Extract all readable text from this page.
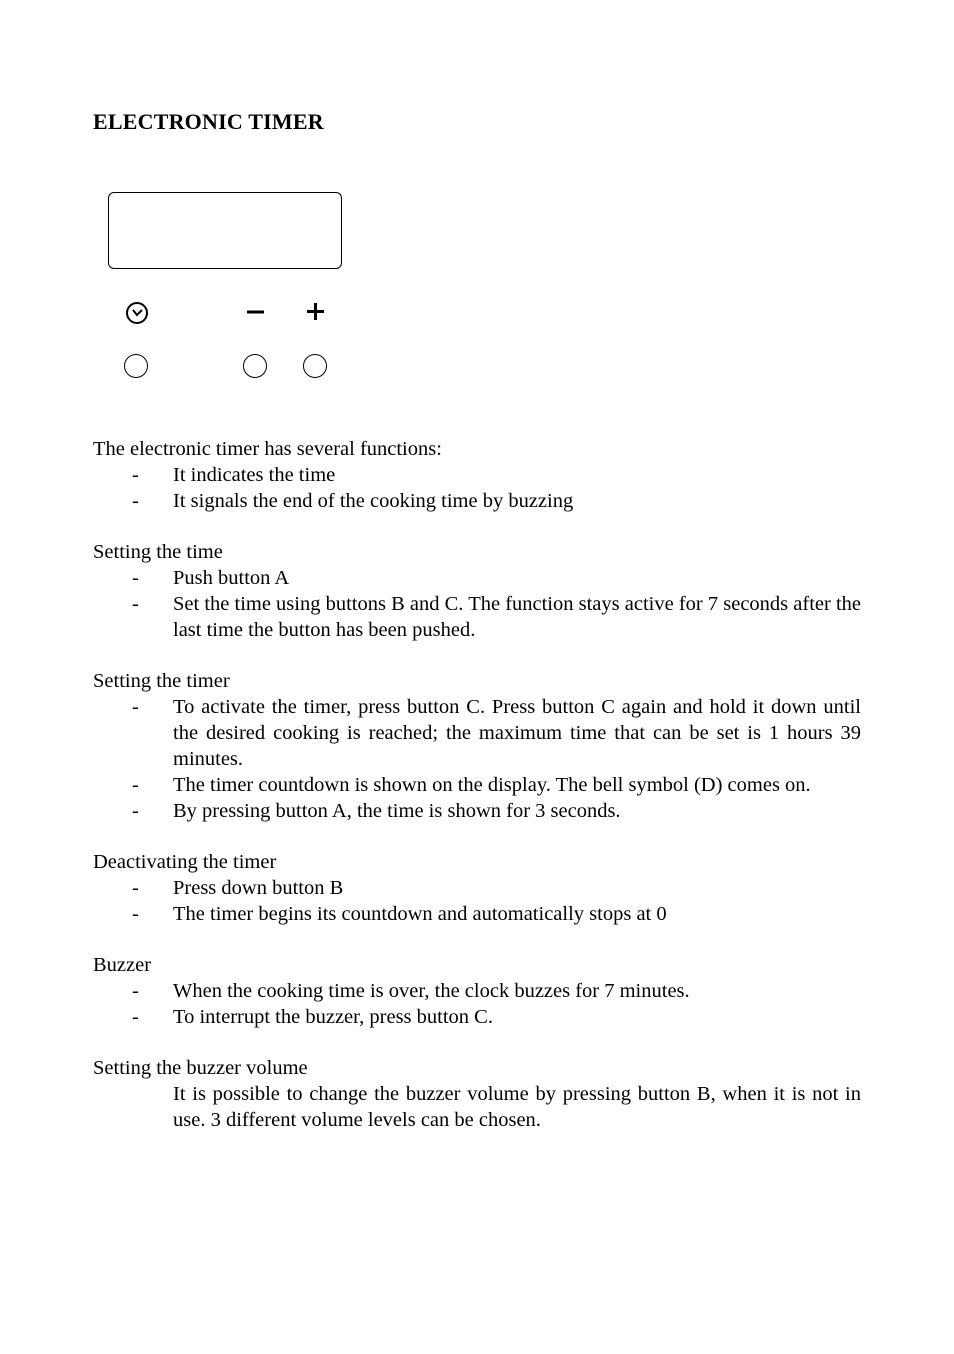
ELECTRONIC TIMER

The electronic timer has several functions:

- It indicates the time

- It signals the end of the cooking time by buzzing

Setting the time

- Push button A

- Set the time using buttons B and C. The function stays active for 7 seconds after the last time the button has been pushed.

Setting the timer

- To activate the timer, press button C. Press button C again and hold it down until the desired cooking is reached; the maximum time that can be set is 1 hours 39 minutes.

- The timer countdown is shown on the display. The bell symbol (D) comes on.

- By pressing button A, the time is shown for 3 seconds.

Deactivating the timer

- Press down button B

- The timer begins its countdown and automatically stops at 0

Buzzer

- When the cooking time is over, the clock buzzes for 7 minutes.

- To interrupt the buzzer, press button C.

Setting the buzzer volume

It is possible to change the buzzer volume by pressing button B, when it is not in use. 3 different volume levels can be chosen.
